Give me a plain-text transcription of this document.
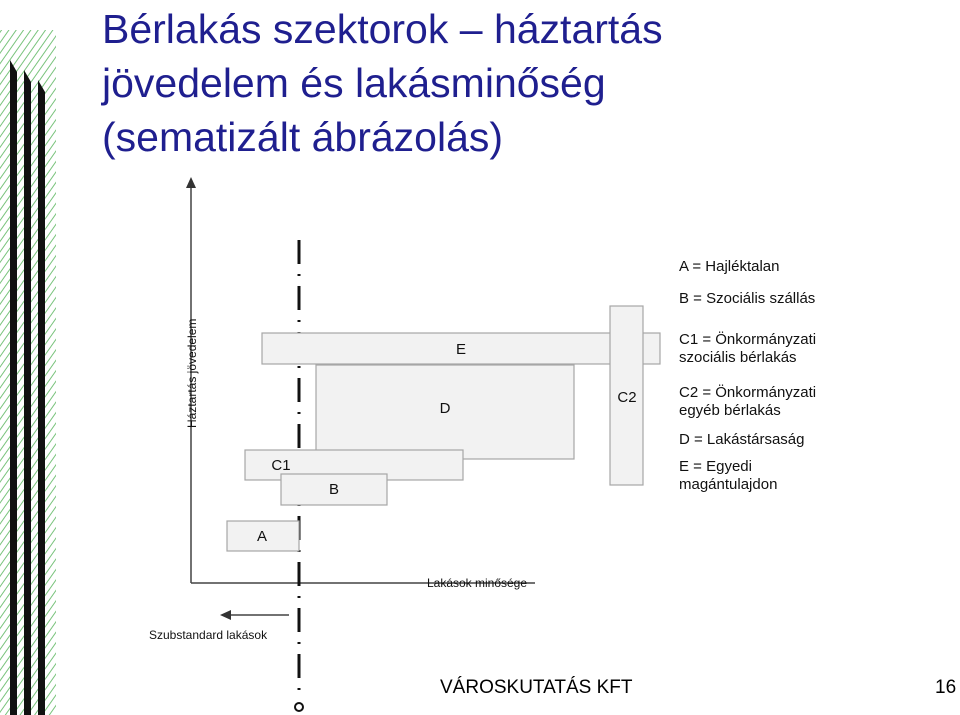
Bérlakás szektorok – háztartás
jövedelem és lakásminőség
(sematizált ábrázolás)
E
D
C2
C1
B
A
Háztartás jövedelem
Lakások minősége
Szubstandard lakások
A = Hajléktalan
B = Szociális szállás
C1 = Önkormányzati
szociális bérlakás
C2 = Önkormányzati
egyéb bérlakás
D = Lakástársaság
E = Egyedi
magántulajdon
VÁROSKUTATÁS KFT	16
